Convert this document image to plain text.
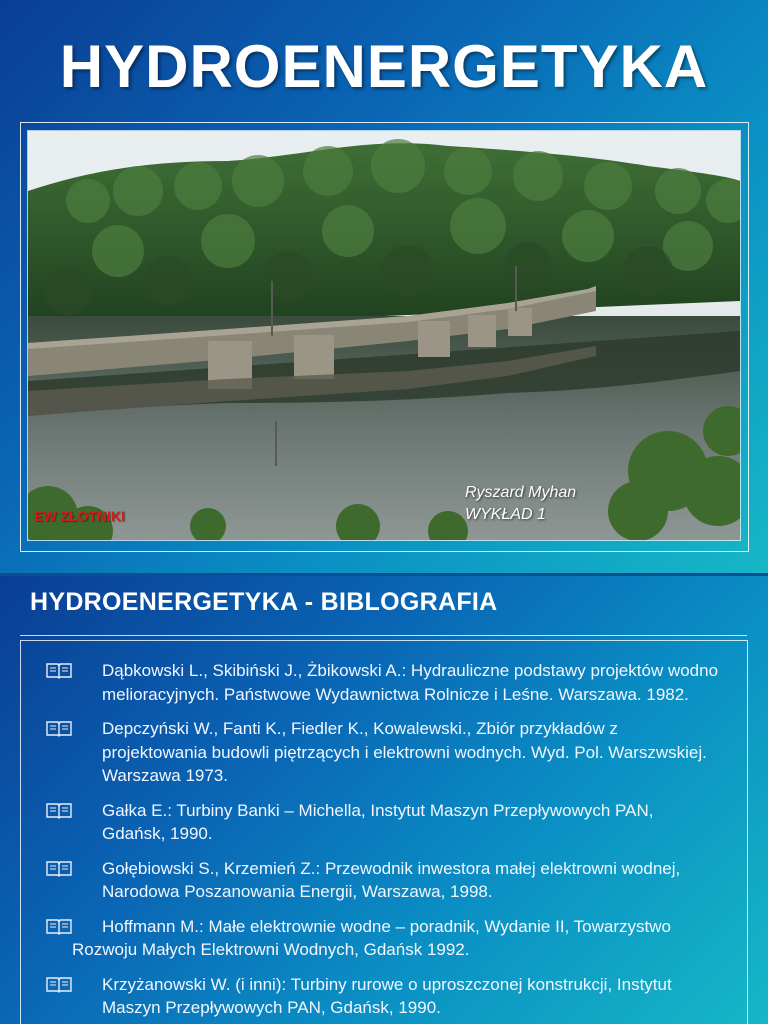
HYDROENERGETYKA
EW ZŁOTNIKI
Ryszard Myhan
WYKŁAD 1
HYDROENERGETYKA - BIBLOGRAFIA
Dąbkowski L., Skibiński J., Żbikowski A.: Hydrauliczne podstawy projektów wodno melioracyjnych. Państwowe Wydawnictwa Rolnicze i Leśne. Warszawa. 1982.
Depczyński W., Fanti K., Fiedler K., Kowalewski., Zbiór przykładów z projektowania budowli piętrzących i elektrowni wodnych. Wyd. Pol. Warszwskiej. Warszawa 1973.
Gałka E.: Turbiny Banki – Michella, Instytut Maszyn Przepływowych PAN, Gdańsk, 1990.
Gołębiowski S., Krzemień Z.: Przewodnik inwestora małej elektrowni wodnej, Narodowa Poszanowania Energii, Warszawa, 1998.
Hoffmann M.: Małe elektrownie wodne – poradnik, Wydanie II, Towarzystwo Rozwoju Małych Elektrowni Wodnych, Gdańsk 1992.
Krzyżanowski W. (i inni): Turbiny rurowe o uproszczonej konstrukcji, Instytut Maszyn Przepływowych PAN, Gdańsk, 1990.
